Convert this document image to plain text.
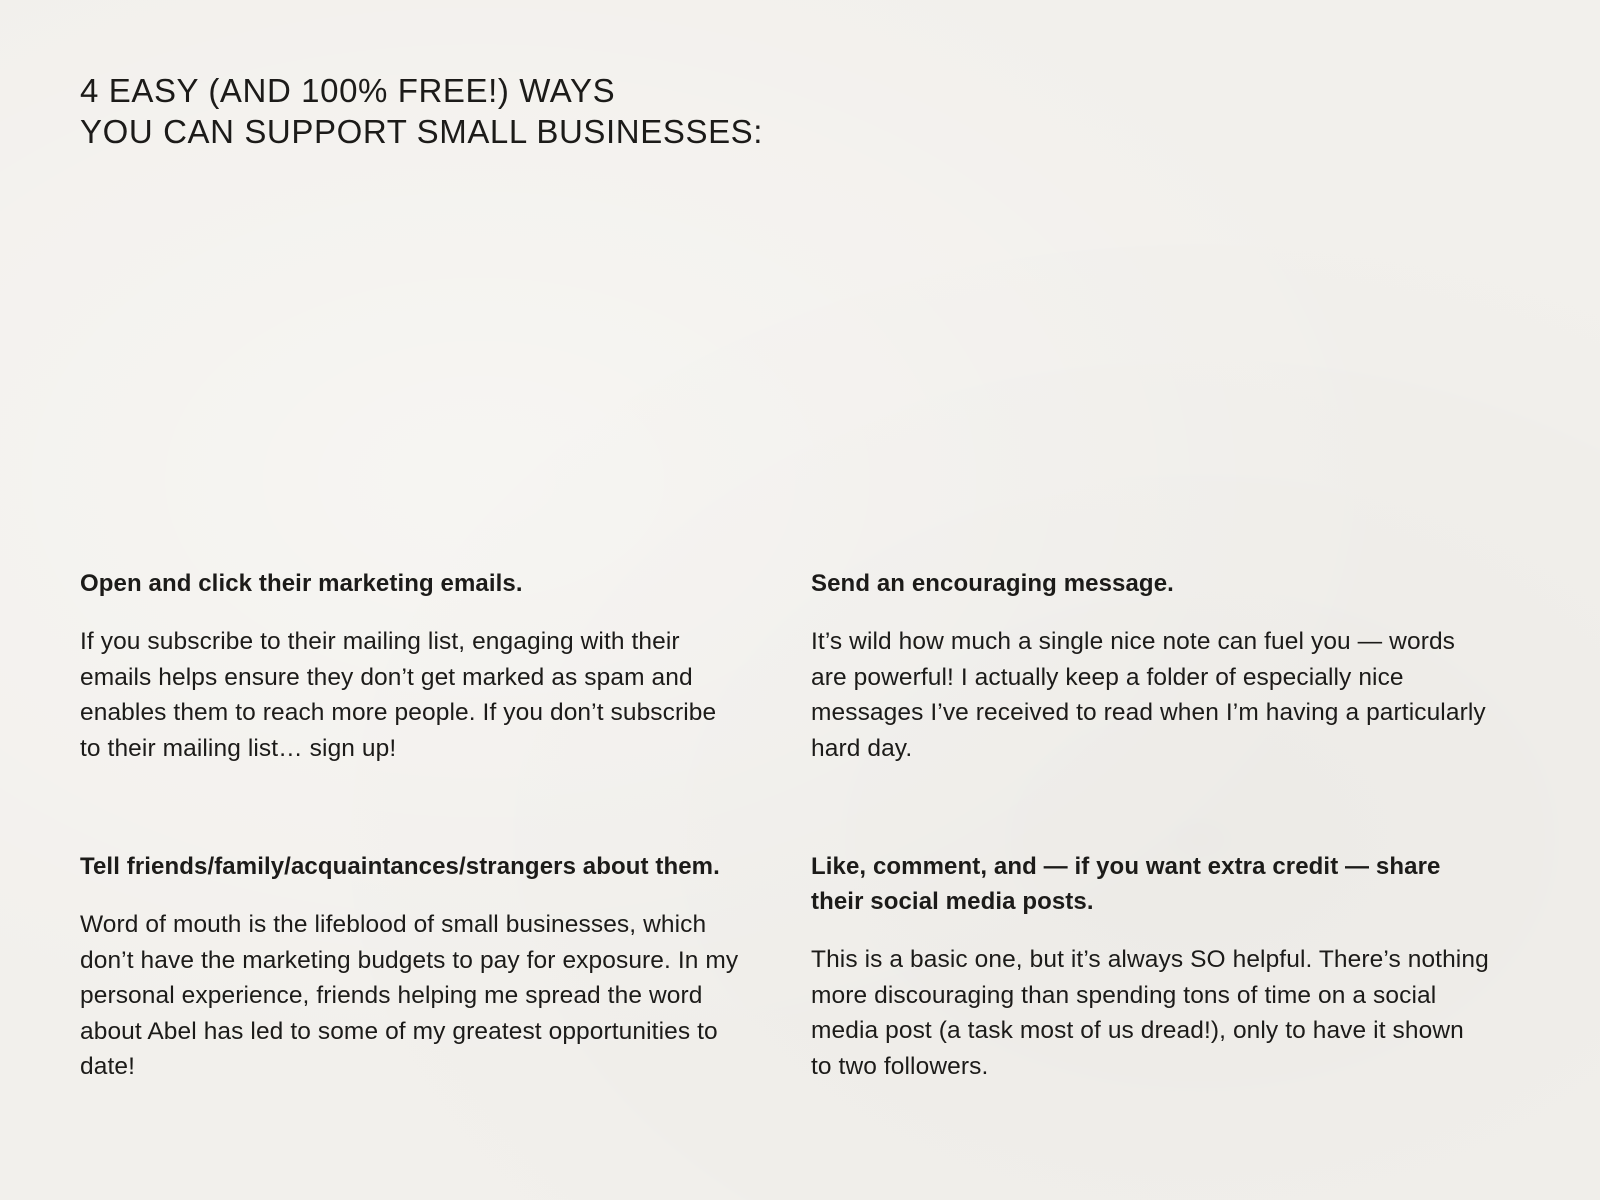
4 EASY (AND 100% FREE!) WAYS
YOU CAN SUPPORT SMALL BUSINESSES:
Open and click their marketing emails.

If you subscribe to their mailing list, engaging with their emails helps ensure they don’t get marked as spam and enables them to reach more people. If you don’t subscribe to their mailing list… sign up!

Send an encouraging message.

It’s wild how much a single nice note can fuel you — words are powerful! I actually keep a folder of especially nice messages I’ve received to read when I’m having a particularly hard day.

Tell friends/family/acquaintances/strangers about them.

Word of mouth is the lifeblood of small businesses, which don’t have the marketing budgets to pay for exposure. In my personal experience, friends helping me spread the word about Abel has led to some of my greatest opportunities to date!

Like, comment, and — if you want extra credit — share their social media posts.

This is a basic one, but it’s always SO helpful. There’s nothing more discouraging than spending tons of time on a social media post (a task most of us dread!), only to have it shown to two followers.
